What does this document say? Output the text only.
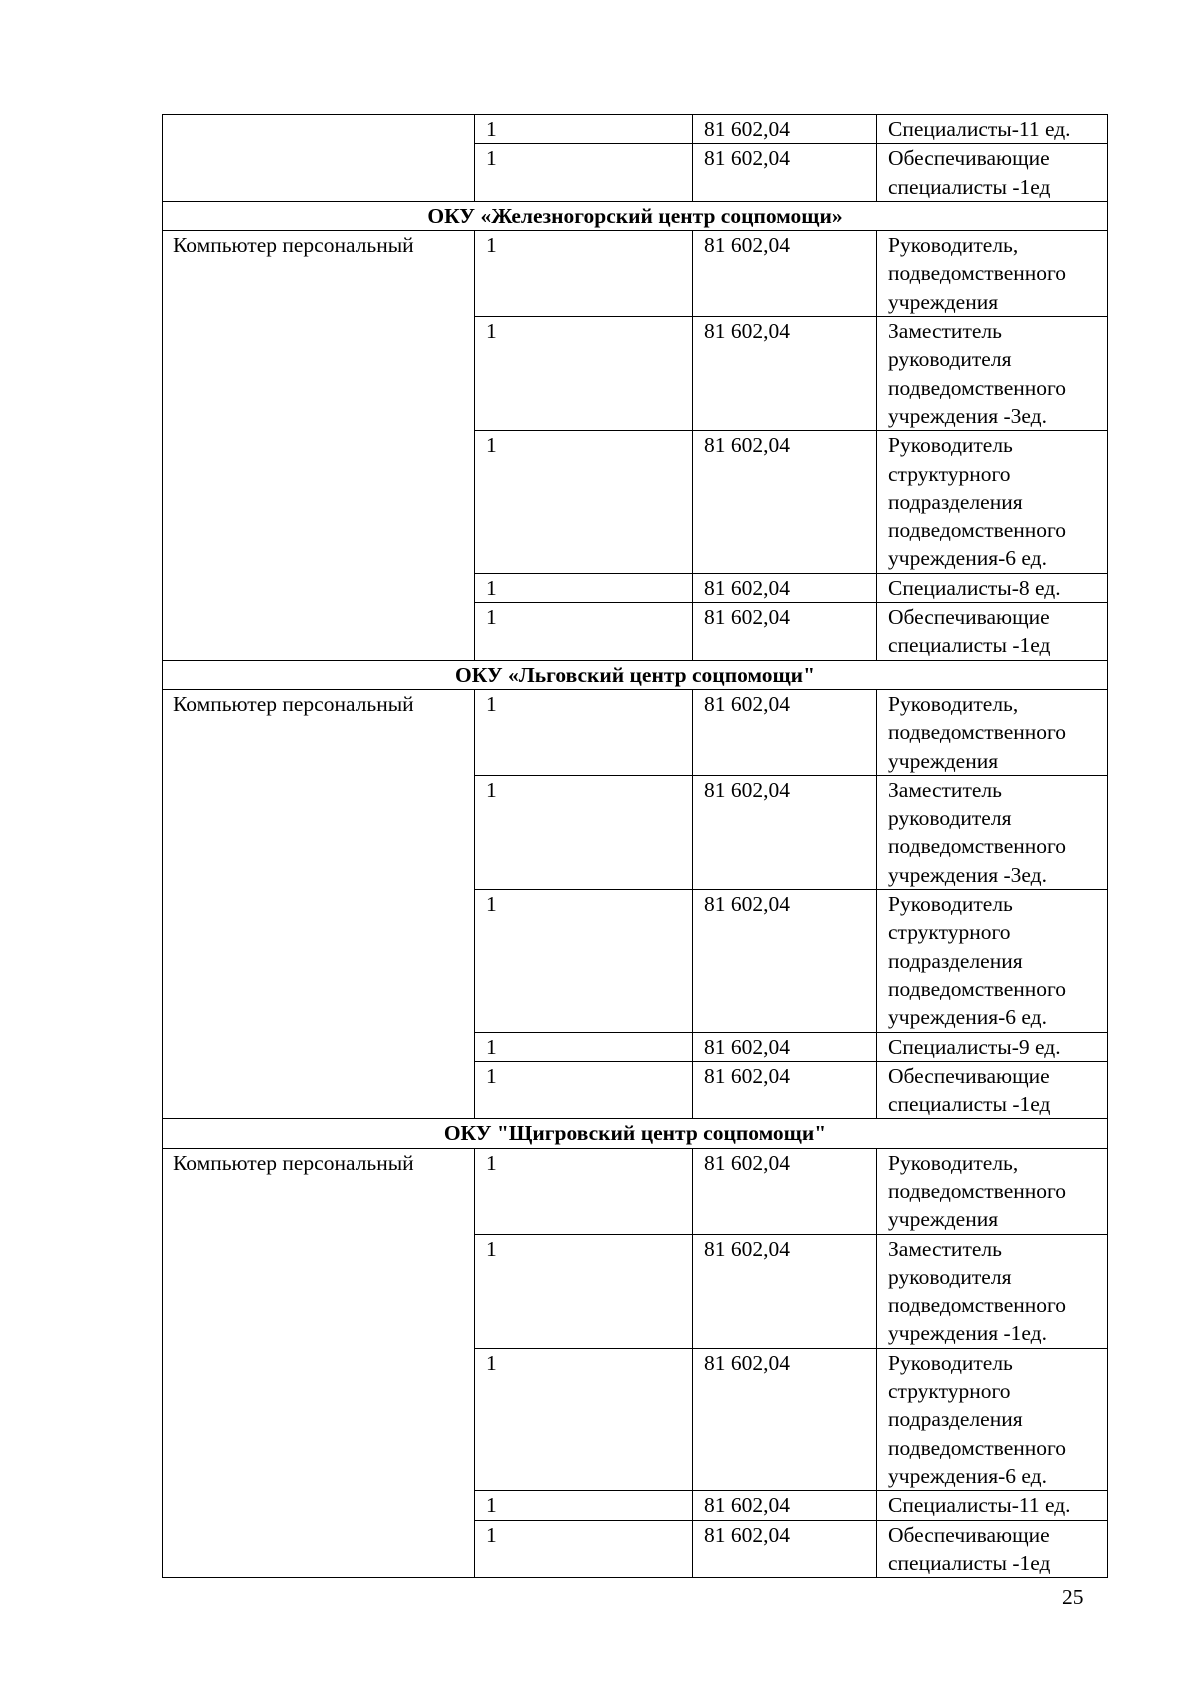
	1	81 602,04	Специалисты-11 ед.
	1	81 602,04	Обеспечивающие
специалисты -1ед
ОКУ «Железногорский центр соцпомощи»			
Компьютер персональный	1	81 602,04	Руководитель,
подведомственного
учреждения
	1	81 602,04	Заместитель
руководителя
подведомственного
учреждения -3ед.
	1	81 602,04	Руководитель
структурного
подразделения
подведомственного
учреждения-6 ед.
	1	81 602,04	Специалисты-8 ед.
	1	81 602,04	Обеспечивающие
специалисты -1ед
ОКУ «Льговский центр соцпомощи"			
Компьютер персональный	1	81 602,04	Руководитель,
подведомственного
учреждения
	1	81 602,04	Заместитель
руководителя
подведомственного
учреждения -3ед.
	1	81 602,04	Руководитель
структурного
подразделения
подведомственного
учреждения-6 ед.
	1	81 602,04	Специалисты-9 ед.
	1	81 602,04	Обеспечивающие
специалисты -1ед
ОКУ "Щигровский центр соцпомощи"			
Компьютер персональный	1	81 602,04	Руководитель,
подведомственного
учреждения
	1	81 602,04	Заместитель
руководителя
подведомственного
учреждения -1ед.
	1	81 602,04	Руководитель
структурного
подразделения
подведомственного
учреждения-6 ед.
	1	81 602,04	Специалисты-11 ед.
	1	81 602,04	Обеспечивающие
специалисты -1ед
25
